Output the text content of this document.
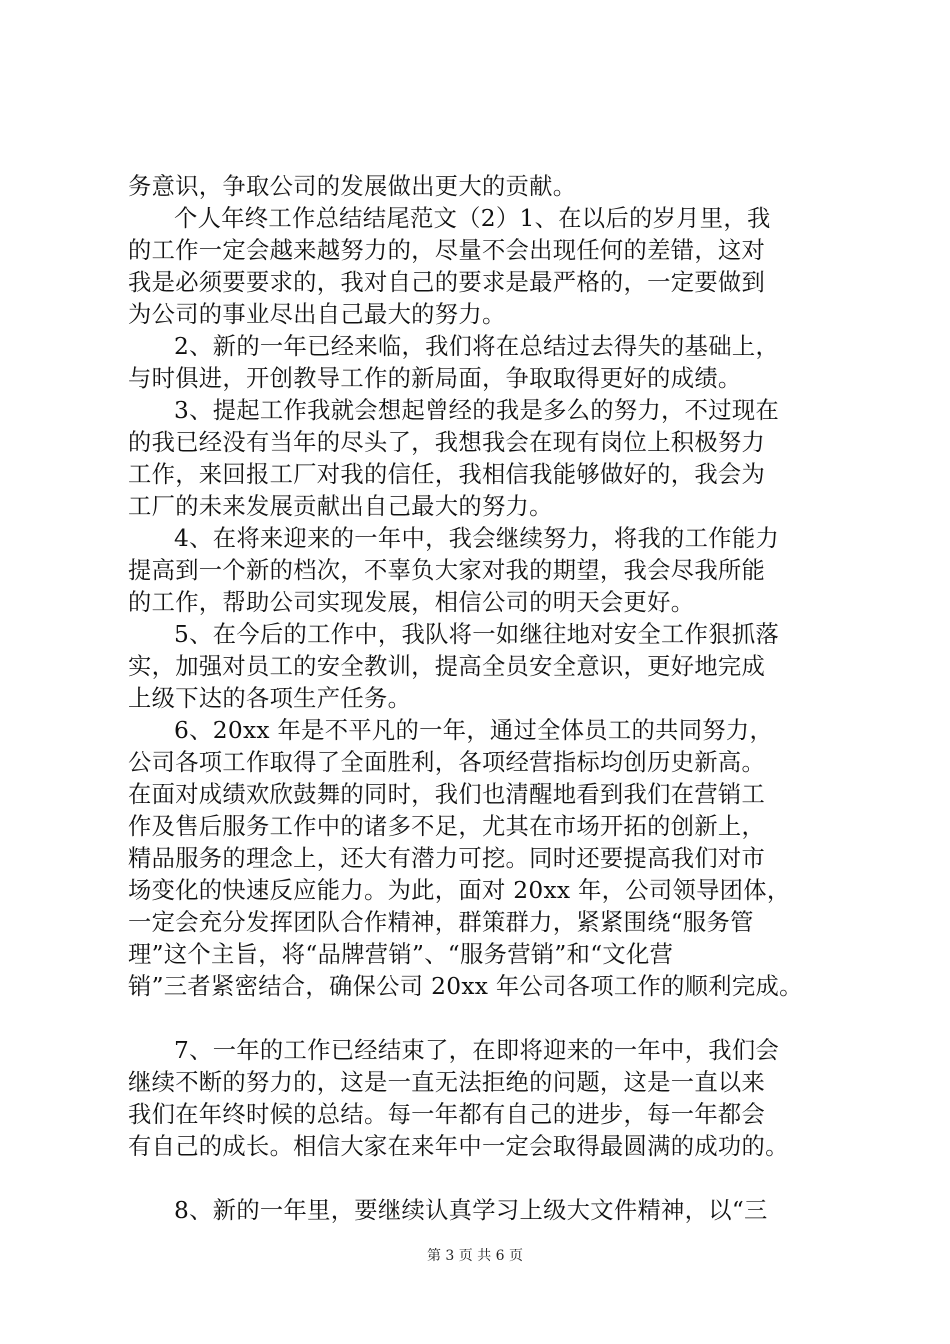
务意识，争取公司的发展做出更大的贡献。
个人年终工作总结结尾范文（2）1、在以后的岁月里，我
的工作一定会越来越努力的，尽量不会出现任何的差错，这对
我是必须要要求的，我对自己的要求是最严格的，一定要做到
为公司的事业尽出自己最大的努力。
2、新的一年已经来临，我们将在总结过去得失的基础上，
与时俱进，开创教导工作的新局面，争取取得更好的成绩。
3、提起工作我就会想起曾经的我是多么的努力，不过现在
的我已经没有当年的尽头了，我想我会在现有岗位上积极努力
工作，来回报工厂对我的信任，我相信我能够做好的，我会为
工厂的未来发展贡献出自己最大的努力。
4、在将来迎来的一年中，我会继续努力，将我的工作能力
提高到一个新的档次，不辜负大家对我的期望，我会尽我所能
的工作，帮助公司实现发展，相信公司的明天会更好。
5、在今后的工作中，我队将一如继往地对安全工作狠抓落
实，加强对员工的安全教训，提高全员安全意识，更好地完成
上级下达的各项生产任务。
6、20xx 年是不平凡的一年，通过全体员工的共同努力，
公司各项工作取得了全面胜利，各项经营指标均创历史新高。
在面对成绩欢欣鼓舞的同时，我们也清醒地看到我们在营销工
作及售后服务工作中的诸多不足，尤其在市场开拓的创新上，
精品服务的理念上，还大有潜力可挖。同时还要提高我们对市
场变化的快速反应能力。为此，面对 20xx 年，公司领导团体，
一定会充分发挥团队合作精神，群策群力，紧紧围绕“服务管
理”这个主旨，将“品牌营销”、“服务营销”和“文化营
销”三者紧密结合，确保公司 20xx 年公司各项工作的顺利完成。
7、一年的工作已经结束了，在即将迎来的一年中，我们会
继续不断的努力的，这是一直无法拒绝的问题，这是一直以来
我们在年终时候的总结。每一年都有自己的进步，每一年都会
有自己的成长。相信大家在来年中一定会取得最圆满的成功的。
8、新的一年里，要继续认真学习上级大文件精神，以“三
第 3 页 共 6 页
